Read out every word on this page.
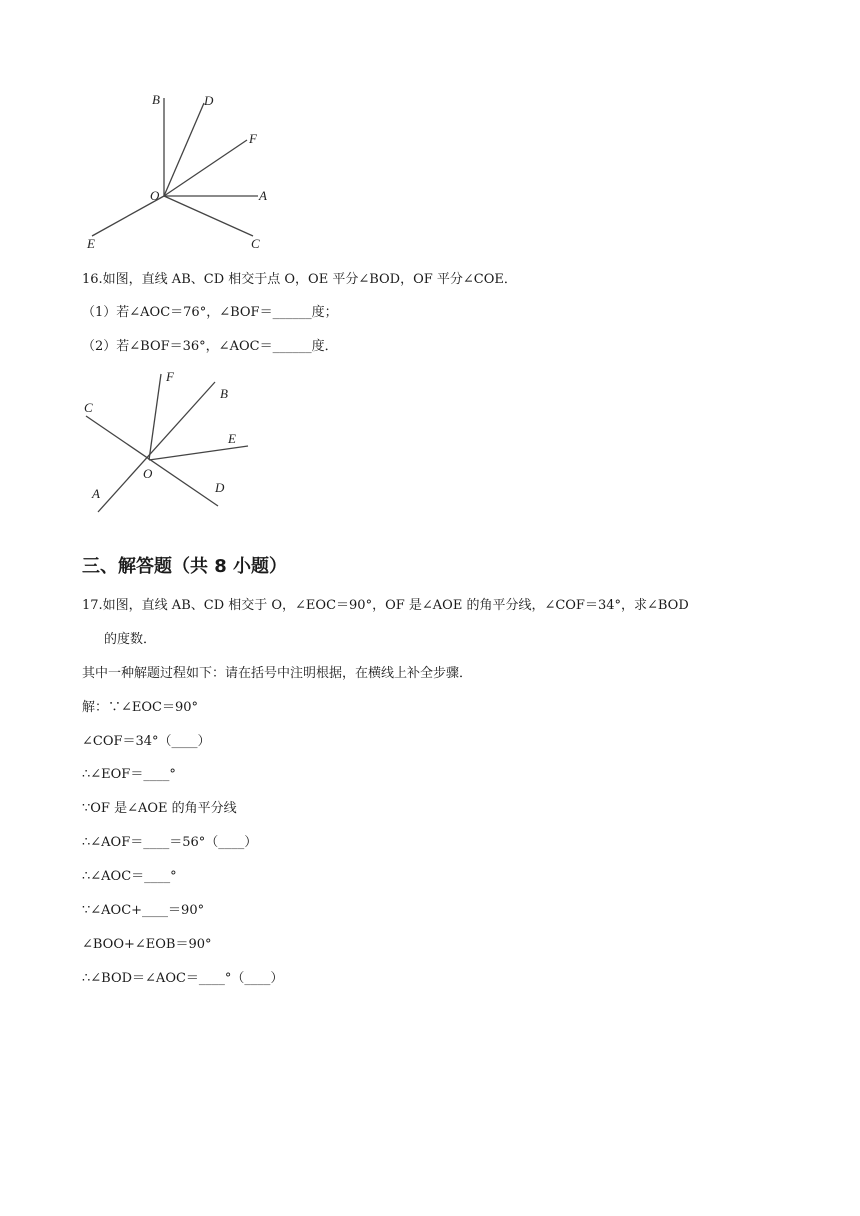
B	D
F
O	A
E	C
16.如图，直线 AB、CD 相交于点 O，OE 平分∠BOD，OF 平分∠COE．
（1）若∠AOC＝76°，∠BOF＝______度；
（2）若∠BOF＝36°，∠AOC＝______度．
F
B
C
E
O
A	D
三、解答题（共 8 小题）
17.如图，直线 AB、CD 相交于 O，∠EOC＝90°，OF 是∠AOE 的角平分线，∠COF＝34°，求∠BOD
的度数．
其中一种解题过程如下：请在括号中注明根据，在横线上补全步骤．
解：∵∠EOC＝90°
∠COF＝34°（____）
∴∠EOF＝____°
∵OF 是∠AOE 的角平分线
∴∠AOF＝____＝56°（____）
∴∠AOC＝____°
∵∠AOC+____＝90°
∠BOO+∠EOB＝90°
∴∠BOD＝∠AOC＝____°（____）
